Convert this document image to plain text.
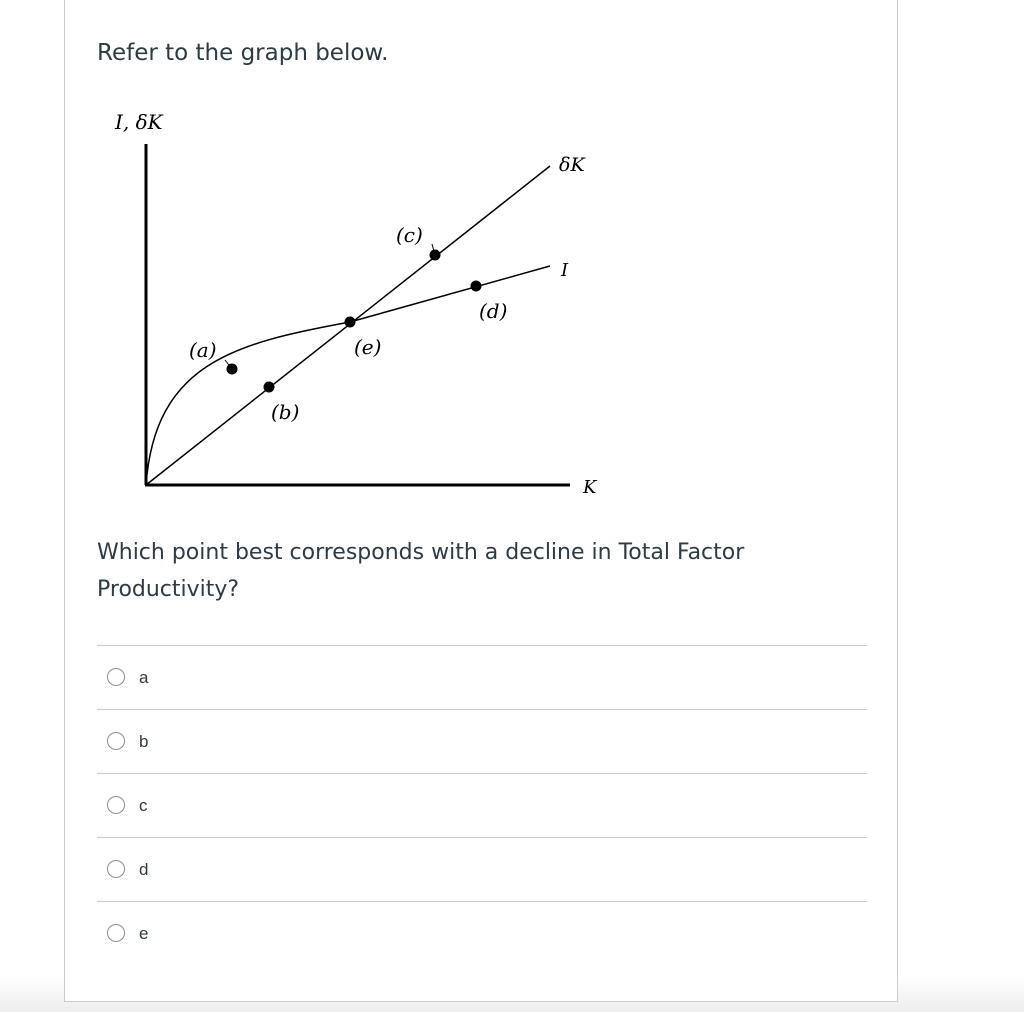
Refer to the graph below.

I, δK
K
δK
I
(a)
(b)
(c)
(d)
(e)

Which point best corresponds with a decline in Total Factor Productivity?

a
b
c
d
e
